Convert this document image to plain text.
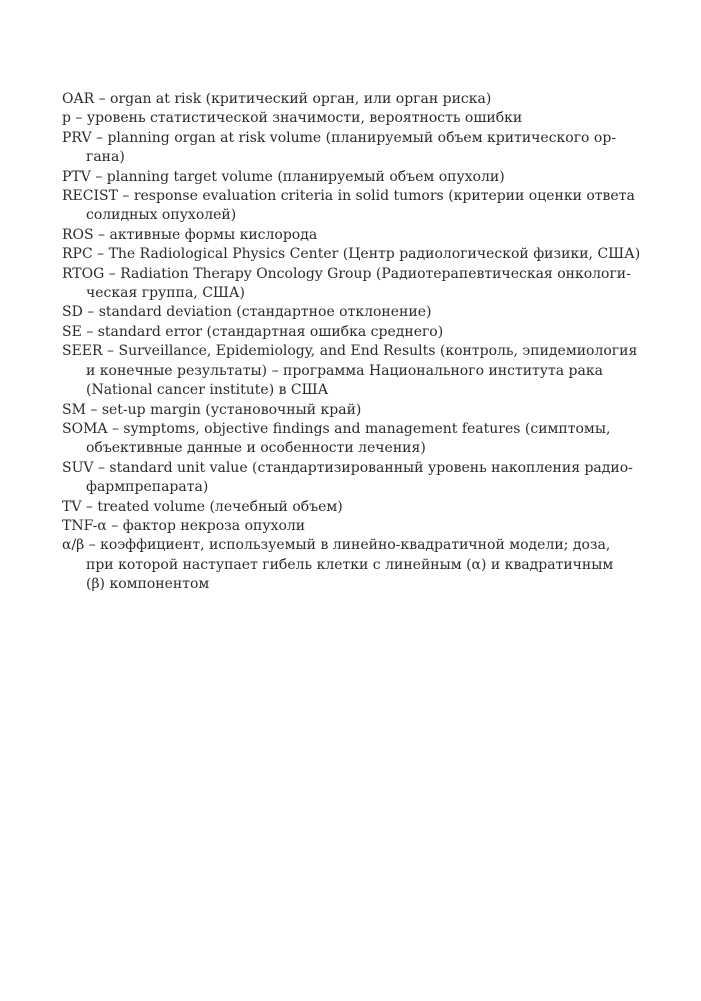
OAR – organ at risk (критический орган, или орган риска)
p – уровень статистической значимости, вероятность ошибки
PRV – planning organ at risk volume (планируемый объем критического ор-
гана)
PTV – planning target volume (планируемый объем опухоли)
RECIST – response evaluation criteria in solid tumors (критерии оценки ответа
солидных опухолей)
ROS – активные формы кислорода
RPC – The Radiological Physics Center (Центр радиологической физики, США)
RTOG – Radiation Therapy Oncology Group (Радиотерапевтическая онкологи-
ческая группа, США)
SD – standard deviation (стандартное отклонение)
SE – standard error (стандартная ошибка среднего)
SEER – Surveillance, Epidemiology, and End Results (контроль, эпидемиология
и конечные результаты) – программа Национального института рака
(National cancer institute) в США
SM – set-up margin (установочный край)
SOMA – symptoms, objective findings and management features (симптомы,
объективные данные и особенности лечения)
SUV – standard unit value (стандартизированный уровень накопления радио-
фармпрепарата)
TV – treated volume (лечебный объем)
TNF-α – фактор некроза опухоли
α/β – коэффициент, используемый в линейно-квадратичной модели; доза,
при которой наступает гибель клетки с линейным (α) и квадратичным
(β) компонентом
